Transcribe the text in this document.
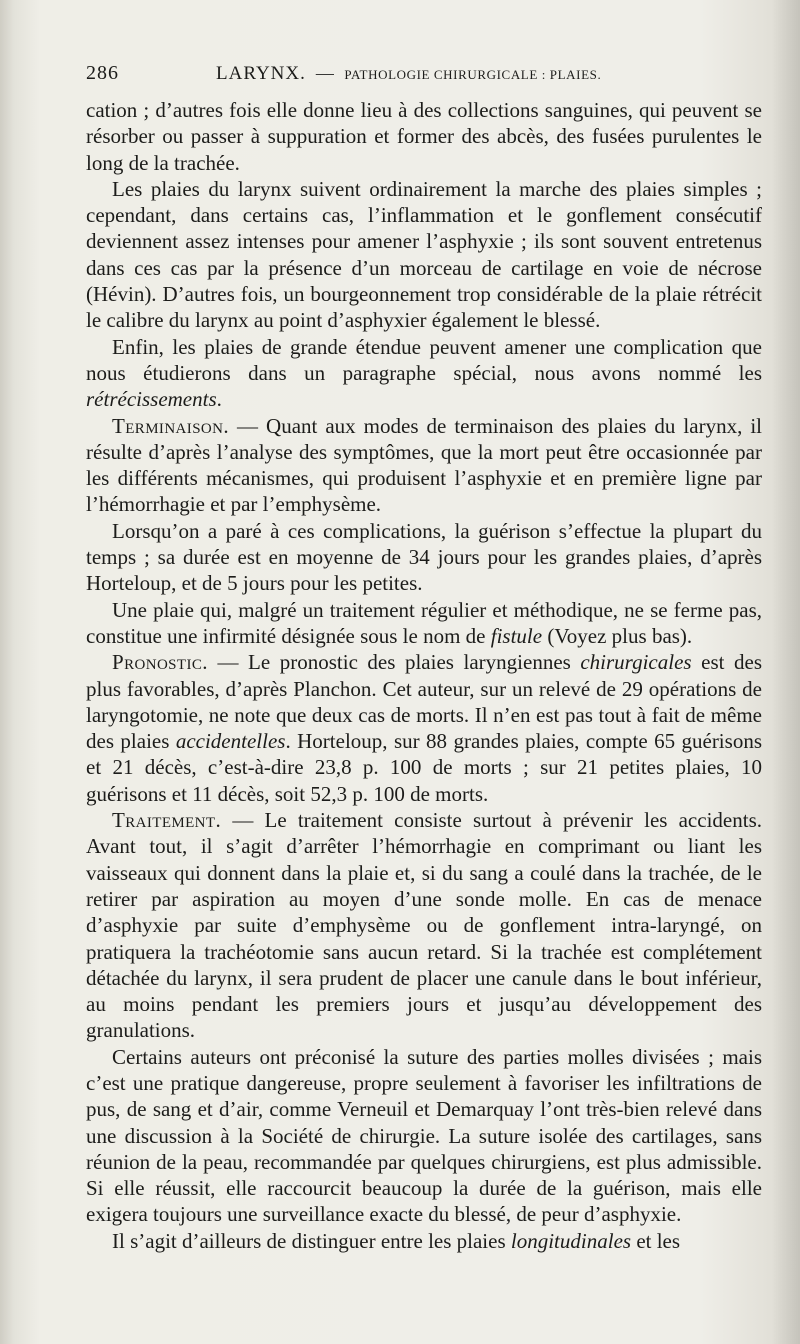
286	LARYNX. — PATHOLOGIE CHIRURGICALE : PLAIES.

cation ; d’autres fois elle donne lieu à des collections sanguines, qui peuvent se résorber ou passer à suppuration et former des abcès, des fusées purulentes le long de la trachée.

Les plaies du larynx suivent ordinairement la marche des plaies simples ; cependant, dans certains cas, l’inflammation et le gonflement consécutif deviennent assez intenses pour amener l’asphyxie ; ils sont souvent entretenus dans ces cas par la présence d’un morceau de cartilage en voie de nécrose (Hévin). D’autres fois, un bourgeonnement trop considérable de la plaie rétrécit le calibre du larynx au point d’asphyxier également le blessé.

Enfin, les plaies de grande étendue peuvent amener une complication que nous étudierons dans un paragraphe spécial, nous avons nommé les rétrécissements.

Terminaison. — Quant aux modes de terminaison des plaies du larynx, il résulte d’après l’analyse des symptômes, que la mort peut être occasionnée par les différents mécanismes, qui produisent l’asphyxie et en première ligne par l’hémorrhagie et par l’emphysème.

Lorsqu’on a paré à ces complications, la guérison s’effectue la plupart du temps ; sa durée est en moyenne de 34 jours pour les grandes plaies, d’après Horteloup, et de 5 jours pour les petites.

Une plaie qui, malgré un traitement régulier et méthodique, ne se ferme pas, constitue une infirmité désignée sous le nom de fistule (Voyez plus bas).

Pronostic. — Le pronostic des plaies laryngiennes chirurgicales est des plus favorables, d’après Planchon. Cet auteur, sur un relevé de 29 opérations de laryngotomie, ne note que deux cas de morts. Il n’en est pas tout à fait de même des plaies accidentelles. Horteloup, sur 88 grandes plaies, compte 65 guérisons et 21 décès, c’est-à-dire 23,8 p. 100 de morts ; sur 21 petites plaies, 10 guérisons et 11 décès, soit 52,3 p. 100 de morts.

Traitement. — Le traitement consiste surtout à prévenir les accidents. Avant tout, il s’agit d’arrêter l’hémorrhagie en comprimant ou liant les vaisseaux qui donnent dans la plaie et, si du sang a coulé dans la trachée, de le retirer par aspiration au moyen d’une sonde molle. En cas de menace d’asphyxie par suite d’emphysème ou de gonflement intra-laryngé, on pratiquera la trachéotomie sans aucun retard. Si la trachée est complétement détachée du larynx, il sera prudent de placer une canule dans le bout inférieur, au moins pendant les premiers jours et jusqu’au développement des granulations.

Certains auteurs ont préconisé la suture des parties molles divisées ; mais c’est une pratique dangereuse, propre seulement à favoriser les infiltrations de pus, de sang et d’air, comme Verneuil et Demarquay l’ont très-bien relevé dans une discussion à la Société de chirurgie. La suture isolée des cartilages, sans réunion de la peau, recommandée par quelques chirurgiens, est plus admissible. Si elle réussit, elle raccourcit beaucoup la durée de la guérison, mais elle exigera toujours une surveillance exacte du blessé, de peur d’asphyxie.

Il s’agit d’ailleurs de distinguer entre les plaies longitudinales et les
